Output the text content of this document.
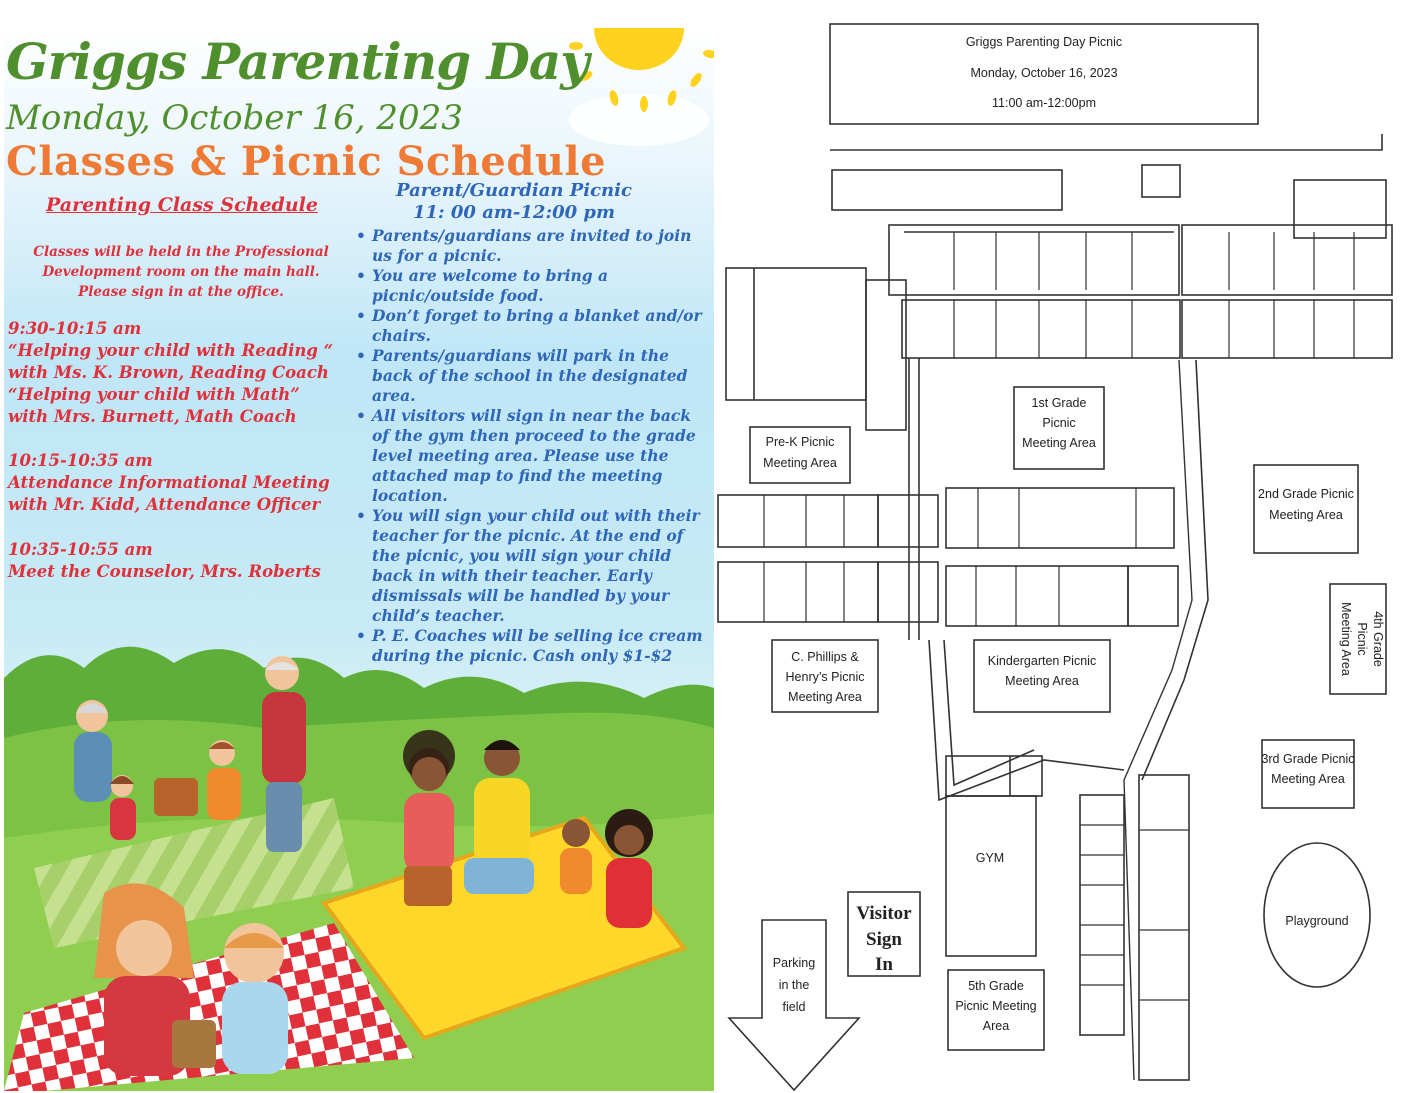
Griggs Parenting Day
Monday, October 16, 2023
Classes & Picnic Schedule
Parenting Class Schedule
Classes will be held in the Professional
Development room on the main hall.
Please sign in at the office.
9:30-10:15 am
“Helping your child with Reading “
with Ms. K. Brown, Reading Coach
“Helping your child with Math”
with Mrs. Burnett, Math Coach
10:15-10:35 am
Attendance Informational Meeting
with Mr. Kidd, Attendance Officer
10:35-10:55 am
Meet the Counselor, Mrs. Roberts
Parent/Guardian Picnic
11: 00 am-12:00 pm
• Parents/guardians are invited to join us for a picnic.
• You are welcome to bring a picnic/outside food.
• Don’t forget to bring a blanket and/or chairs.
• Parents/guardians will park in the back of the school in the designated area.
• All visitors will sign in near the back of the gym then proceed to the grade level meeting area. Please use the attached map to find the meeting location.
• You will sign your child out with their teacher for the picnic. At the end of the picnic, you will sign your child back in with their teacher. Early dismissals will be handled by your child’s teacher.
• P. E. Coaches will be selling ice cream during the picnic. Cash only $1-$2
Griggs Parenting Day Picnic
Monday, October 16, 2023
11:00 am-12:00pm
Pre-K Picnic
Meeting Area
1st Grade
Picnic
Meeting Area
2nd Grade Picnic
Meeting Area
4th Grade
Picnic
Meeting Area
3rd Grade Picnic
Meeting Area
C. Phillips &
Henry’s Picnic
Meeting Area
Kindergarten Picnic
Meeting Area
GYM
Playground
Visitor
Sign
In
Parking
in the
field
5th Grade
Picnic Meeting
Area
